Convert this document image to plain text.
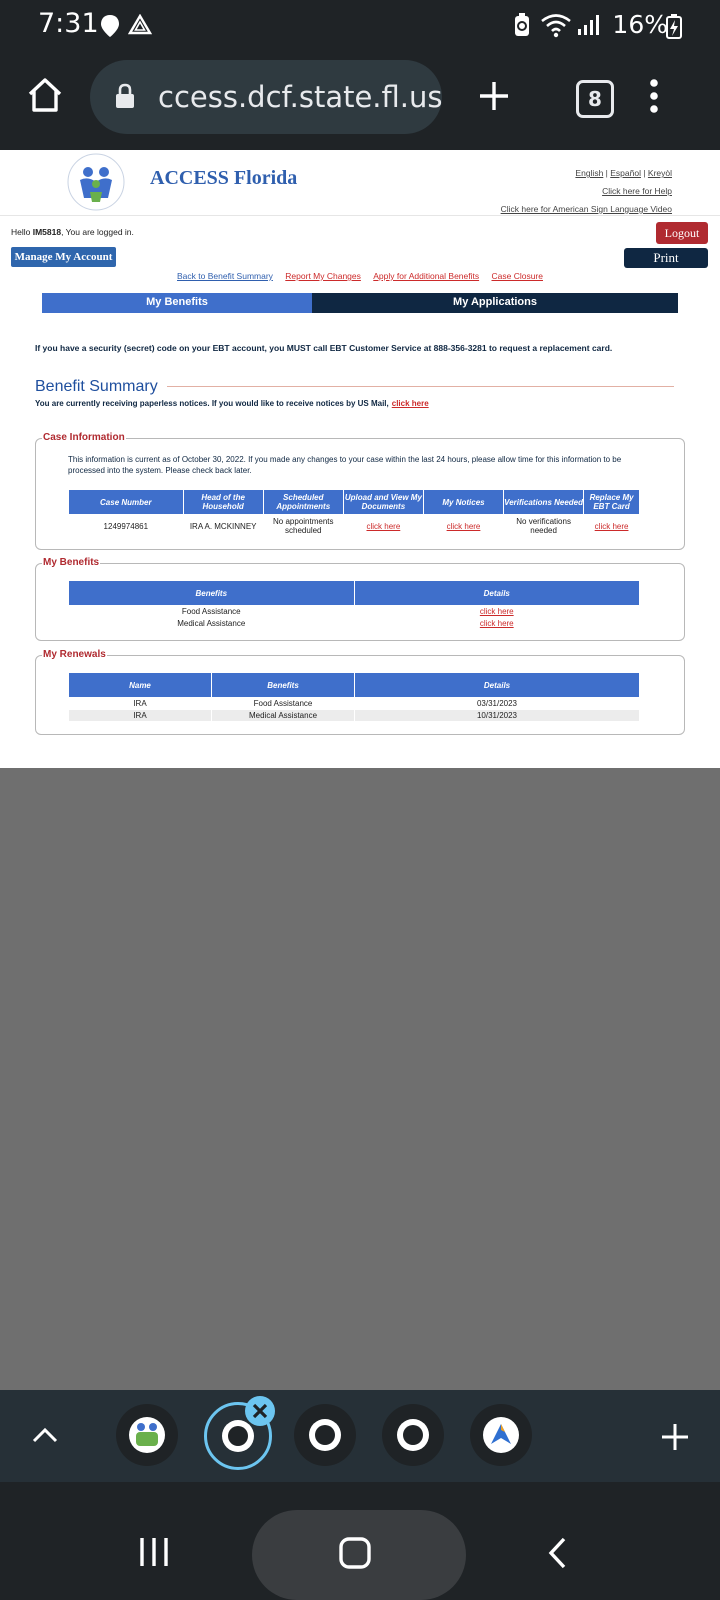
7:31	16%
ccess.dcf.state.fl.us	8
ACCESS Florida	English | Español | Kreyòl
Click here for Help
Click here for American Sign Language Video
Hello IM5818, You are logged in.	Logout
Manage My Account	Print
Back to Benefit Summary Report My Changes Apply for Additional Benefits Case Closure
My Benefits	My Applications
If you have a security (secret) code on your EBT account, you MUST call EBT Customer Service at 888-356-3281 to request a replacement card.
Benefit Summary
You are currently receiving paperless notices. If you would like to receive notices by US Mail, click here
Case Information
This information is current as of October 30, 2022. If you made any changes to your case within the last 24 hours, please allow time for this information to be processed into the system. Please check back later.
Case Number	Head of the Household	Scheduled Appointments	Upload and View My Documents	My Notices	Verifications Needed	Replace My EBT Card
1249974861	IRA A. MCKINNEY	No appointments scheduled	click here	click here	No verifications needed	click here
My Benefits
Benefits	Details
Food Assistance	click here
Medical Assistance	click here
My Renewals
Name	Benefits	Details
IRA	Food Assistance	03/31/2023
IRA	Medical Assistance	10/31/2023
